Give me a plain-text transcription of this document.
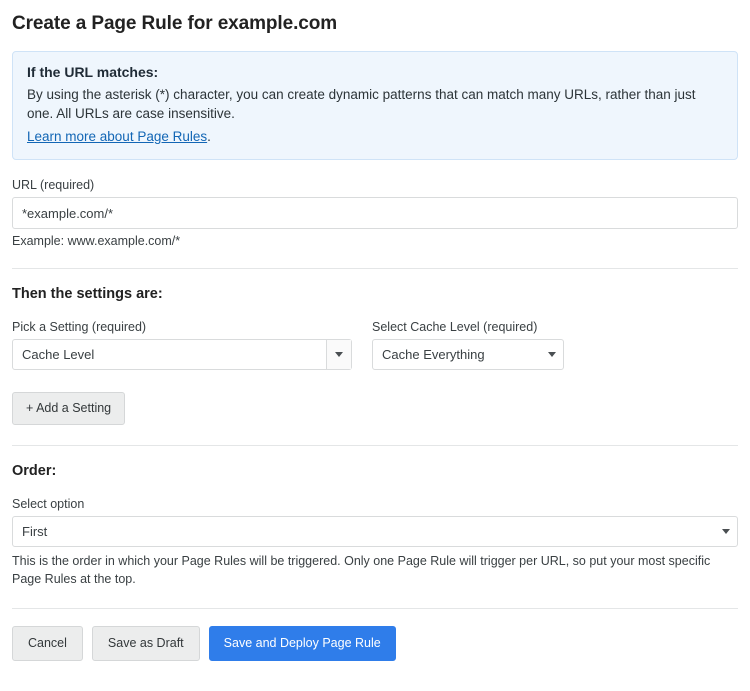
Create a Page Rule for example.com
If the URL matches:
By using the asterisk (*) character, you can create dynamic patterns that can match many URLs, rather than just one. All URLs are case insensitive.
Learn more about Page Rules.
URL (required)
*example.com/*
Example: www.example.com/*
Then the settings are:
Pick a Setting (required)
Cache Level
Select Cache Level (required)
Cache Everything
+ Add a Setting
Order:
Select option
First
This is the order in which your Page Rules will be triggered. Only one Page Rule will trigger per URL, so put your most specific Page Rules at the top.
Cancel	Save as Draft	Save and Deploy Page Rule
